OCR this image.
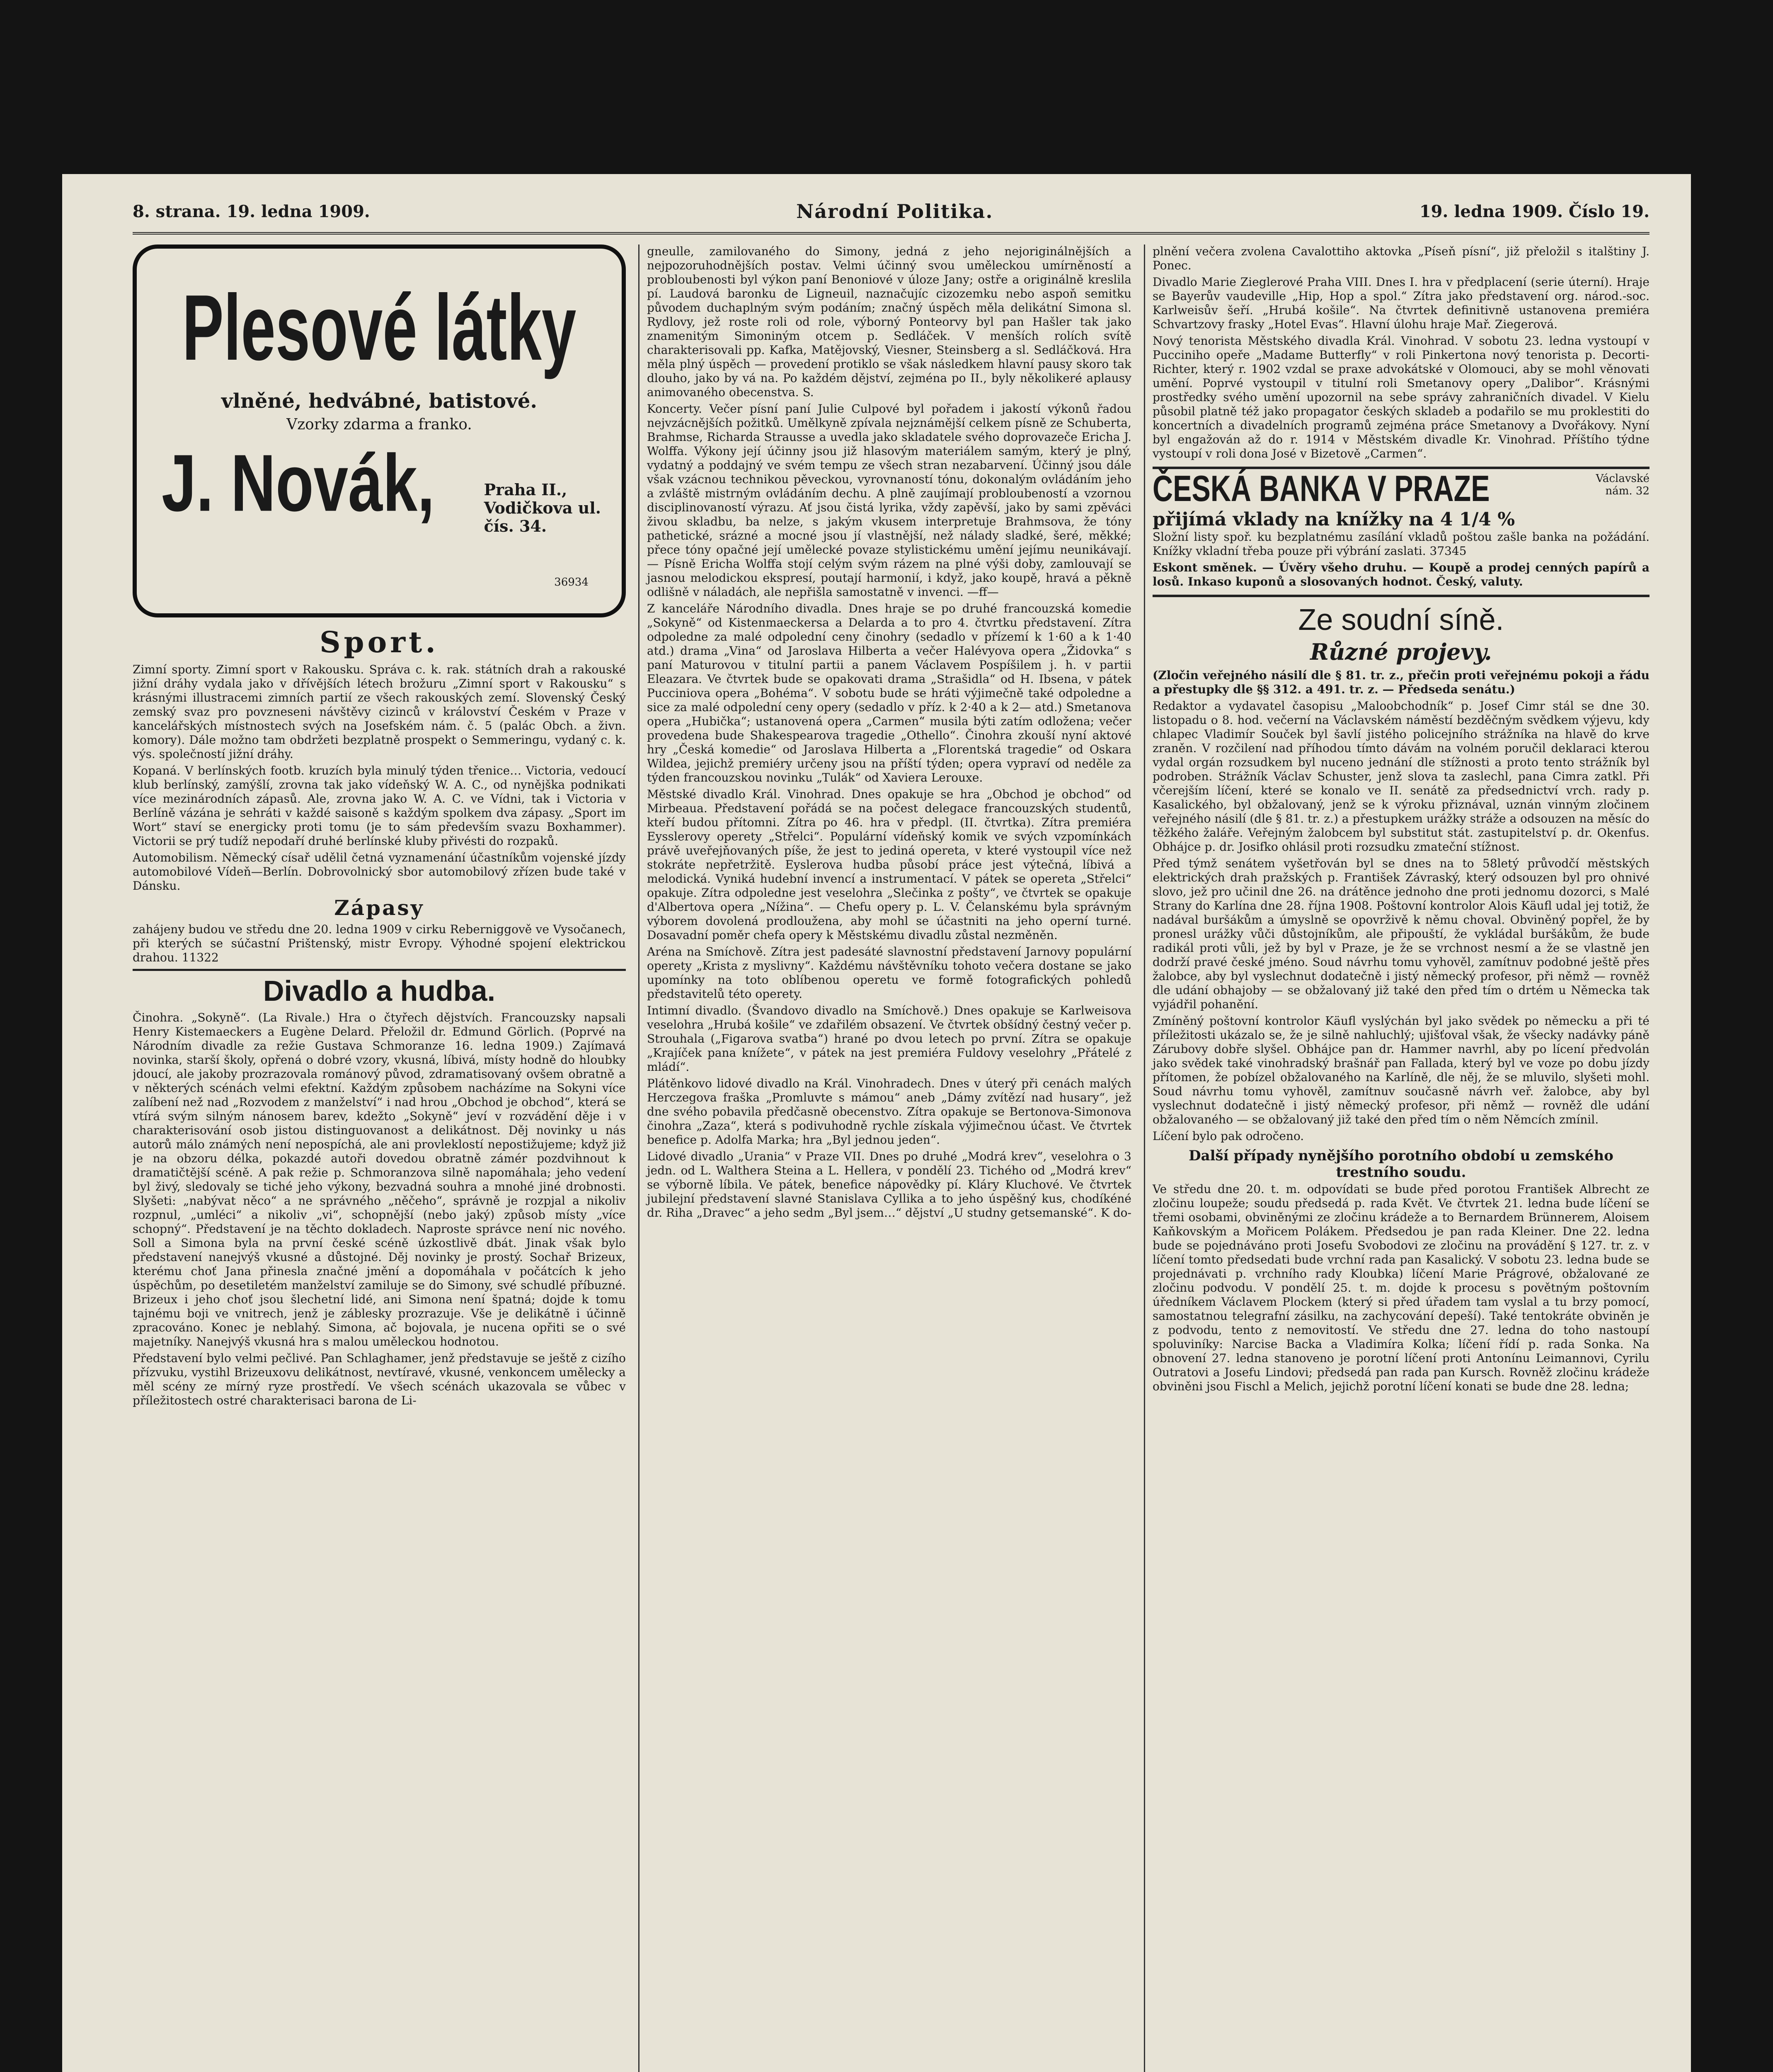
8. strana. 19. ledna 1909.	Národní Politika.	19. ledna 1909. Číslo 19.
Plesové látky
vlněné, hedvábné, batistové.
Vzorky zdarma a franko.
J. Novák,	Praha II.,
Vodičkova ul.
čís. 34.
36934
Sport.

Zimní sporty. Zimní sport v Rakousku. Správa c. k. rak. státních drah a rakouské jižní dráhy vydala jako v dřívějších létech brožuru „Zimní sport v Rakousku“ s krásnými illustracemi zimních partií ze všech rakouských zemí. Slovenský Český zemský svaz pro povzneseni návštěvy cizinců v království Českém v Praze v kancelářských místnostech svých na Josefském nám. č. 5 (palác Obch. a živn. komory). Dále možno tam obdržeti bezplatně prospekt o Semmeringu, vydaný c. k. výs. společností jižní dráhy.

Kopaná. V berlínských footb. kruzích byla minulý týden třenice… Victoria, vedoucí klub berlínský, zamýšlí, zrovna tak jako vídeňský W. A. C., od nynějška podnikati více mezinárodních zápasů. Ale, zrovna jako W. A. C. ve Vídni, tak i Victoria v Berlíně vázána je sehráti v každé saisoně s každým spolkem dva zápasy. „Sport im Wort“ staví se energicky proti tomu (je to sám především svazu Boxhammer). Victorii se prý tudíž nepodaří druhé berlínské kluby přivésti do rozpaků.

Automobilism. Německý císař udělil četná vyznamenání účastníkům vojenské jízdy automobilové Vídeň—Berlín. Dobrovolnický sbor automobilový zřízen bude také v Dánsku.

Zápasy

zahájeny budou ve středu dne 20. ledna 1909 v cirku Reberniggově ve Vysočanech, při kterých se súčastní Prištenský, mistr Evropy. Výhodné spojení elektrickou drahou. 11322

Divadlo a hudba.

Činohra. „Sokyně“. (La Rivale.) Hra o čtyřech dějstvích. Francouzsky napsali Henry Kistemaeckers a Eugène Delard. Přeložil dr. Edmund Görlich. (Poprvé na Národním divadle za režie Gustava Schmoranze 16. ledna 1909.) Zajímavá novinka, starší školy, opřená o dobré vzory, vkusná, líbivá, místy hodně do hloubky jdoucí, ale jakoby prozrazovala románový původ, zdramatisovaný ovšem obratně a v některých scénách velmi efektní. Každým způsobem nacházíme na Sokyni více zalíbení než nad „Rozvodem z manželství“ i nad hrou „Obchod je obchod“, která se vtírá svým silným nánosem barev, kdežto „Sokyně“ jeví v rozvádění děje i v charakterisování osob jistou distinguovanost a delikátnost. Děj novinky u nás autorů málo známých není nepospíchá, ale ani provleklostí nepostižujeme; když již je na obzoru délka, pokazdé autoři dovedou obratně zámér pozdvihnout k dramatičtější scéně. A pak režie p. Schmoranzova silně napomáhala; jeho vedení byl živý, sledovaly se tiché jeho výkony, bezvadná souhra a mnohé jiné drobnosti. Slyšeti: „nabývat něco“ a ne správného „něčeho“, správně je rozpjal a nikoliv rozpnul, „umléci“ a nikoliv „vi“, schopnější (nebo jaký) způsob místy „více schopný“. Představení je na těchto dokladech. Naproste správce není nic nového. Soll a Simona byla na první české scéně úzkostlivě dbát. Jinak však bylo představení nanejvýš vkusné a důstojné. Děj novinky je prostý. Sochař Brizeux, kterému choť Jana přinesla značné jmění a dopomáhala v počátcích k jeho úspěchům, po desetiletém manželství zamiluje se do Simony, své schudlé příbuzné. Brizeux i jeho choť jsou šlechetní lidé, ani Simona není špatná; dojde k tomu tajnému boji ve vnitrech, jenž je záblesky prozrazuje. Vše je delikátně i účinně zpracováno. Konec je neblahý. Simona, ač bojovala, je nucena opřiti se o své majetníky. Nanejvýš vkusná hra s malou uměleckou hodnotou.

Představení bylo velmi pečlivé. Pan Schlaghamer, jenž představuje se ještě z cizího přízvuku, vystihl Brizeuxovu delikátnost, nevtíravé, vkusné, venkoncem umělecky a měl scény ze mírný ryze prostředí. Ve všech scénách ukazovala se vůbec v příležitostech ostré charakterisaci barona de Li-

gneulle, zamilovaného do Simony, jedná z jeho nejoriginálnějších a nejpozoruhodnějších postav. Velmi účinný svou uměleckou umírněností a probloubenosti byl výkon paní Benoniové v úloze Jany; ostře a originálně kreslila pí. Laudová baronku de Ligneuil, naznačujíc cizozemku nebo aspoň semitku původem duchaplným svým podáním; značný úspěch měla delikátní Simona sl. Rydlovy, jež roste roli od role, výborný Ponteorvy byl pan Hašler tak jako znamenitým Simoniným otcem p. Sedláček. V menších rolích svítě charakterisovali pp. Kafka, Matějovský, Viesner, Steinsberg a sl. Sedláčková. Hra měla plný úspěch — provedení protiklo se však následkem hlavní pausy skoro tak dlouho, jako by vá na. Po každém dějství, zejména po II., byly několikeré aplausy animovaného obecenstva. S.

Koncerty. Večer písní paní Julie Culpové byl pořadem i jakostí výkonů řadou nejvzácnějších požitků. Umělkyně zpívala nejznámější celkem písně ze Schuberta, Brahmse, Richarda Strausse a uvedla jako skladatele svého doprovazeče Ericha J. Wolffa. Výkony její účinny jsou již hlasovým materiálem samým, který je plný, vydatný a poddajný ve svém tempu ze všech stran nezabarvení. Účinný jsou dále však vzácnou technikou pěveckou, vyrovnaností tónu, dokonalým ovládáním jeho a zvláště mistrným ovládáním dechu. A plně zaujímají probloubeností a vzornou disciplinovaností výrazu. Ať jsou čistá lyrika, vždy zapěvší, jako by sami zpěváci živou skladbu, ba nelze, s jakým vkusem interpretuje Brahmsova, že tóny pathetické, srázné a mocné jsou jí vlastnější, než nálady sladké, šeré, měkké; přece tóny opačné její umělecké povaze stylistickému umění jejímu neunikávají. — Písně Ericha Wolffa stojí celým svým rázem na plné výši doby, zamlouvají se jasnou melodickou ekspresí, poutají harmonií, i když, jako koupě, hravá a pěkně odlišně v náladách, ale nepřišla samostatně v invenci. —ff—

Z kanceláře Národního divadla. Dnes hraje se po druhé francouzská komedie „Sokyně“ od Kistenmaeckersa a Delarda a to pro 4. čtvrtku představení. Zítra odpoledne za malé odpolední ceny činohry (sedadlo v přízemí k 1·60 a k 1·40 atd.) drama „Vina“ od Jaroslava Hilberta a večer Halévyova opera „Židovka“ s paní Maturovou v titulní partii a panem Václavem Pospíšilem j. h. v partii Eleazara. Ve čtvrtek bude se opakovati drama „Strašidla“ od H. Ibsena, v pátek Pucciniova opera „Bohéma“. V sobotu bude se hráti výjimečně také odpoledne a sice za malé odpolední ceny opery (sedadlo v příz. k 2·40 a k 2— atd.) Smetanova opera „Hubička“; ustanovená opera „Carmen“ musila býti zatím odložena; večer provedena bude Shakespearova tragedie „Othello“. Činohra zkouší nyní aktové hry „Česká komedie“ od Jaroslava Hilberta a „Florentská tragedie“ od Oskara Wildea, jejichž premiéry určeny jsou na příští týden; opera vypraví od neděle za týden francouzskou novinku „Tulák“ od Xaviera Lerouxe.

Městské divadlo Král. Vinohrad. Dnes opakuje se hra „Obchod je obchod“ od Mirbeaua. Představení pořádá se na počest delegace francouzských studentů, kteří budou přítomni. Zítra po 46. hra v předpl. (II. čtvrtka). Zítra premiéra Eysslerovy operety „Střelci“. Populární vídeňský komik ve svých vzpomínkách právě uveřejňovaných píše, že jest to jediná opereta, v které vystoupil více než stokráte nepřetržitě. Eyslerova hudba působí práce jest výtečná, líbivá a melodická. Vyniká hudební invencí a instrumentací. V pátek se opereta „Střelci“ opakuje. Zítra odpoledne jest veselohra „Slečinka z pošty“, ve čtvrtek se opakuje d'Albertova opera „Nížina“. — Chefu opery p. L. V. Čelanskému byla správným výborem dovolená prodloužena, aby mohl se účastniti na jeho operní turné. Dosavadní poměr chefa opery k Městskému divadlu zůstal nezměněn.

Aréna na Smíchově. Zítra jest padesáté slavnostní představení Jarnovy populární operety „Krista z myslivny“. Každému návštěvníku tohoto večera dostane se jako upomínky na toto oblíbenou operetu ve formě fotografických pohledů představitelů této operety.

Intimní divadlo. (Švandovo divadlo na Smíchově.) Dnes opakuje se Karlweisova veselohra „Hrubá košile“ ve zdařilém obsazení. Ve čtvrtek obšídný čestný večer p. Strouhala („Figarova svatba“) hrané po dvou letech po první. Zítra se opakuje „Krajíček pana knížete“, v pátek na jest premiéra Fuldovy veselohry „Přátelé z mládí“.

Plátěnkovo lidové divadlo na Král. Vinohradech. Dnes v úterý při cenách malých Herczegova fraška „Promluvte s mámou“ aneb „Dámy zvítězí nad husary“, jež dne svého pobavila předčasně obecenstvo. Zítra opakuje se Bertonova-Simonova činohra „Zaza“, která s podivuhodně rychle získala výjimečnou účast. Ve čtvrtek benefice p. Adolfa Marka; hra „Byl jednou jeden“.

Lidové divadlo „Urania“ v Praze VII. Dnes po druhé „Modrá krev“, veselohra o 3 jedn. od L. Walthera Steina a L. Hellera, v pondělí 23. Tichého od „Modrá krev“ se výborně líbila. Ve pátek, benefice nápovědky pí. Kláry Kluchové. Ve čtvrtek jubilejní představení slavné Stanislava Cyllika a to jeho úspěšný kus, chodíkéné dr. Riha „Dravec“ a jeho sedm „Byl jsem…“ dějství „U studny getsemanské“. K do-

plnění večera zvolena Cavalottiho aktovka „Píseň písní“, již přeložil s italštiny J. Ponec.

Divadlo Marie Zieglerové Praha VIII. Dnes I. hra v předplacení (serie úterní). Hraje se Bayerův vaudeville „Hip, Hop a spol.“ Zítra jako představení org. národ.-soc. Karlweisův šeří. „Hrubá košile“. Na čtvrtek definitivně ustanovena premiéra Schvartzovy frasky „Hotel Evas“. Hlavní úlohu hraje Mař. Ziegerová.

Nový tenorista Městského divadla Král. Vinohrad. V sobotu 23. ledna vystoupí v Pucciniho opeře „Madame Butterfly“ v roli Pinkertona nový tenorista p. Decorti-Richter, který r. 1902 vzdal se praxe advokátské v Olomouci, aby se mohl věnovati umění. Poprvé vystoupil v titulní roli Smetanovy opery „Dalibor“. Krásnými prostředky svého umění upozornil na sebe správy zahraničních divadel. V Kielu působil platně též jako propagator českých skladeb a podařilo se mu proklestiti do koncertních a divadelních programů zejména práce Smetanovy a Dvořákovy. Nyní byl engažován až do r. 1914 v Městském divadle Kr. Vinohrad. Příštího týdne vystoupí v roli dona José v Bizetově „Carmen“.

Václavské
nám. 32
ČESKÁ BANKA V PRAZE
přijímá vklady na knížky na 4 1/4 %

Složní listy spoř. ku bezplatnému zasílání vkladů poštou zašle banka na požádání. Knížky vkladní třeba pouze při výbrání zaslati. 37345

Eskont směnek. — Úvěry všeho druhu. — Koupě a prodej cenných papírů a losů. Inkaso kuponů a slosovaných hodnot. Český, valuty.

Ze soudní síně.
Různé projevy.

(Zločin veřejného násilí dle § 81. tr. z., přečin proti veřejnému pokoji a řádu a přestupky dle §§ 312. a 491. tr. z. — Předseda senátu.)

Redaktor a vydavatel časopisu „Maloobchodník“ p. Josef Cimr stál se dne 30. listopadu o 8. hod. večerní na Václavském náměstí bezděčným svědkem výjevu, kdy chlapec Vladimír Souček byl šavlí jistého policejního strážníka na hlavě do krve zraněn. V rozčilení nad příhodou tímto dávám na volném poručil deklaraci kterou vydal orgán rozsudkem byl nuceno jednání dle stížnosti a proto tento strážník byl podroben. Strážník Václav Schuster, jenž slova ta zaslechl, pana Cimra zatkl. Při včerejším líčení, které se konalo ve II. senátě za předsednictví vrch. rady p. Kasalického, byl obžalovaný, jenž se k výroku přiznával, uznán vinným zločinem veřejného násilí (dle § 81. tr. z.) a přestupkem urážky stráže a odsouzen na měsíc do těžkého žaláře. Veřejným žalobcem byl substitut stát. zastupitelství p. dr. Okenfus. Obhájce p. dr. Josifko ohlásil proti rozsudku zmateční stížnost.

Před týmž senátem vyšetřován byl se dnes na to 58letý průvodčí městských elektrických drah pražských p. František Závraský, který odsouzen byl pro ohnivé slovo, jež pro učinil dne 26. na drátěnce jednoho dne proti jednomu dozorci, s Malé Strany do Karlína dne 28. října 1908. Poštovní kontrolor Alois Käufl udal jej totiž, že nadával buršákům a úmyslně se opovrživě k němu choval. Obviněný popřel, že by pronesl urážky vůči důstojníkům, ale připouští, že vykládal buršákům, že bude radikál proti vůli, jež by byl v Praze, je že se vrchnost nesmí a že se vlastně jen dodrží pravé české jméno. Soud návrhu tomu vyhověl, zamítnuv podobné ještě přes žalobce, aby byl vyslechnut dodatečně i jistý německý profesor, při němž — rovněž dle udání obhajoby — se obžalovaný již také den před tím o drtém u Německa tak vyjádřil pohanění.

Zmíněný poštovní kontrolor Käufl vyslýchán byl jako svědek po německu a při té příležitosti ukázalo se, že je silně nahluchlý; ujišťoval však, že všecky nadávky páně Zárubovy dobře slyšel. Obhájce pan dr. Hammer navrhl, aby po lícení předvolán jako svědek také vinohradský brašnář pan Fallada, který byl ve voze po dobu jízdy přítomen, že pobízel obžalovaného na Karlíně, dle něj, že se mluvilo, slyšeti mohl. Soud návrhu tomu vyhověl, zamítnuv současně návrh veř. žalobce, aby byl vyslechnut dodatečně i jistý německý profesor, při němž — rovněž dle udání obžalovaného — se obžalovaný již také den před tím o něm Němcích zmínil.

Líčení bylo pak odročeno.

Další případy nynějšího porotního období u zemského trestního soudu.

Ve středu dne 20. t. m. odpovídati se bude před porotou František Albrecht ze zločinu loupeže; soudu předsedá p. rada Květ. Ve čtvrtek 21. ledna bude líčení se třemi osobami, obviněnými ze zločinu krádeže a to Bernardem Brünnerem, Aloisem Kaňkovským a Mořicem Polákem. Předsedou je pan rada Kleiner. Dne 22. ledna bude se pojednáváno proti Josefu Svobodovi ze zločinu na provádění § 127. tr. z. v líčení tomto předsedati bude vrchní rada pan Kasalický. V sobotu 23. ledna bude se projednávati p. vrchního rady Kloubka) líčení Marie Prágrové, obžalované ze zločinu podvodu. V pondělí 25. t. m. dojde k procesu s povětným poštovním úředníkem Václavem Plockem (který si před úřadem tam vyslal a tu brzy pomocí, samostatnou telegrafní zásilku, na zachycování depeší). Také tentokráte obviněn je z podvodu, tento z nemovitostí. Ve středu dne 27. ledna do toho nastoupí spoluviníky: Narcise Backa a Vladimíra Kolka; líčení řídí p. rada Sonka. Na obnovení 27. ledna stanoveno je porotní líčení proti Antonínu Leimannovi, Cyrilu Outratovi a Josefu Lindovi; předsedá pan rada pan Kursch. Rovněž zločinu krádeže obviněni jsou Fischl a Melich, jejichž porotní líčení konati se bude dne 28. ledna;
